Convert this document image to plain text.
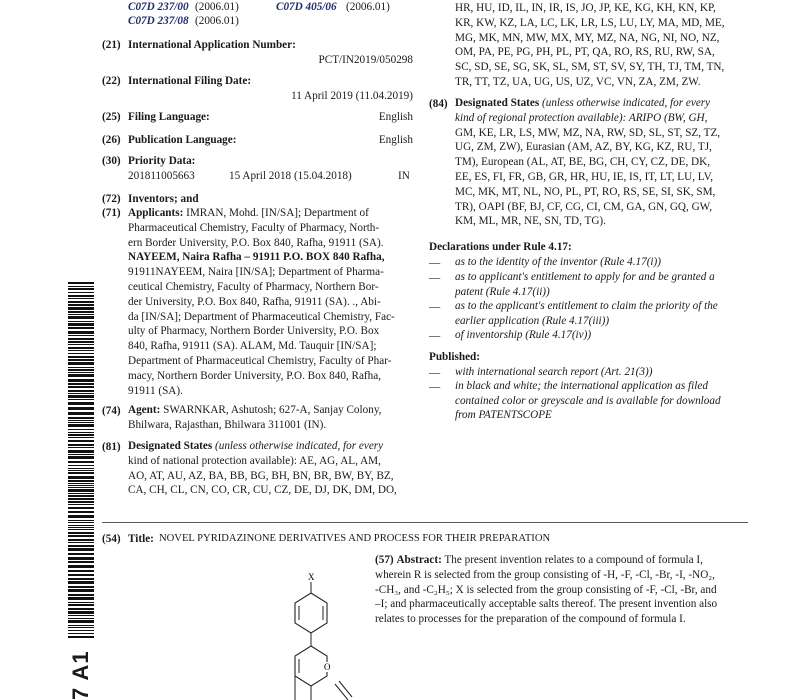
C07D 237/00 (2006.01)	C07D 405/06 (2006.01)
C07D 237/08 (2006.01)
(21) International Application Number:
PCT/IN2019/050298
(22) International Filing Date:
11 April 2019 (11.04.2019)
(25) Filing Language:	English
(26) Publication Language:	English
(30) Priority Data:
201811005663	15 April 2018 (15.04.2018)	IN
(72) Inventors; and
(71) Applicants: IMRAN, Mohd. [IN/SA]; Department of
Pharmaceutical Chemistry, Faculty of Pharmacy, North-
ern Border University, P.O. Box 840, Rafha, 91911 (SA).
NAYEEM, Naira Rafha – 91911 P.O. BOX 840 Rafha,
91911NAYEEM, Naira [IN/SA]; Department of Pharma-
ceutical Chemistry, Faculty of Pharmacy, Northern Bor-
der University, P.O. Box 840, Rafha, 91911 (SA). ., Abi-
da [IN/SA]; Department of Pharmaceutical Chemistry, Fac-
ulty of Pharmacy, Northern Border University, P.O. Box
840, Rafha, 91911 (SA). ALAM, Md. Tauquir [IN/SA];
Department of Pharmaceutical Chemistry, Faculty of Phar-
macy, Northern Border University, P.O. Box 840, Rafha,
91911 (SA).
(74) Agent: SWARNKAR, Ashutosh; 627-A, Sanjay Colony,
Bhilwara, Rajasthan, Bhilwara 311001 (IN).
(81) Designated States (unless otherwise indicated, for every
kind of national protection available): AE, AG, AL, AM,
AO, AT, AU, AZ, BA, BB, BG, BH, BN, BR, BW, BY, BZ,
CA, CH, CL, CN, CO, CR, CU, CZ, DE, DJ, DK, DM, DO,
HR, HU, ID, IL, IN, IR, IS, JO, JP, KE, KG, KH, KN, KP,
KR, KW, KZ, LA, LC, LK, LR, LS, LU, LY, MA, MD, ME,
MG, MK, MN, MW, MX, MY, MZ, NA, NG, NI, NO, NZ,
OM, PA, PE, PG, PH, PL, PT, QA, RO, RS, RU, RW, SA,
SC, SD, SE, SG, SK, SL, SM, ST, SV, SY, TH, TJ, TM, TN,
TR, TT, TZ, UA, UG, US, UZ, VC, VN, ZA, ZM, ZW.
(84) Designated States (unless otherwise indicated, for every
kind of regional protection available): ARIPO (BW, GH,
GM, KE, LR, LS, MW, MZ, NA, RW, SD, SL, ST, SZ, TZ,
UG, ZM, ZW), Eurasian (AM, AZ, BY, KG, KZ, RU, TJ,
TM), European (AL, AT, BE, BG, CH, CY, CZ, DE, DK,
EE, ES, FI, FR, GB, GR, HR, HU, IE, IS, IT, LT, LU, LV,
MC, MK, MT, NL, NO, PL, PT, RO, RS, SE, SI, SK, SM,
TR), OAPI (BF, BJ, CF, CG, CI, CM, GA, GN, GQ, GW,
KM, ML, MR, NE, SN, TD, TG).
Declarations under Rule 4.17:
— as to the identity of the inventor (Rule 4.17(i))
— as to applicant's entitlement to apply for and be granted a
patent (Rule 4.17(ii))
— as to the applicant's entitlement to claim the priority of the
earlier application (Rule 4.17(iii))
— of inventorship (Rule 4.17(iv))
Published:
— with international search report (Art. 21(3))
— in black and white; the international application as filed
contained color or greyscale and is available for download
from PATENTSCOPE
7 A1
(54) Title: NOVEL PYRIDAZINONE DERIVATIVES AND PROCESS FOR THEIR PREPARATION
(57) Abstract: The present invention relates to a compound of formula I,
wherein R is selected from the group consisting of -H, -F, -Cl, -Br, -I, -NO₂,
-CH₃, and -C₂H₅; X is selected from the group consisting of -F, -Cl, -Br, and
–I; and pharmaceutically acceptable salts thereof. The present invention also
relates to processes for the preparation of the compound of formula I.
X
O
